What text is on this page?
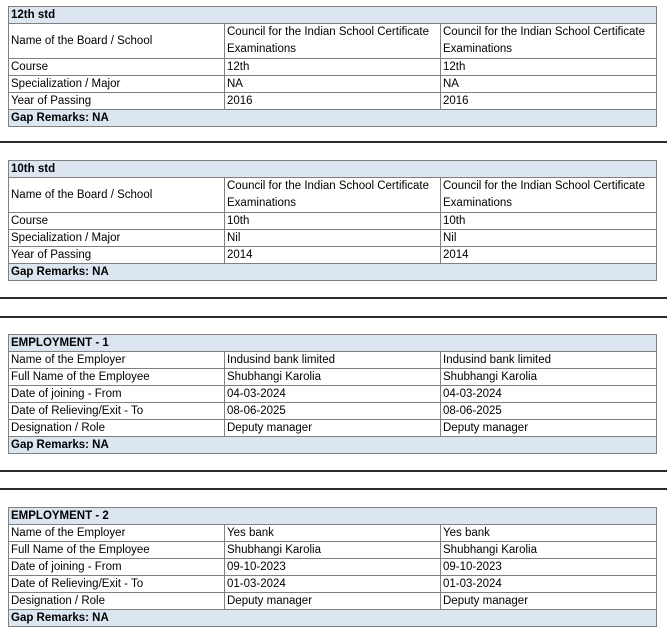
12th std		
Name of the Board / School	Council for the Indian School Certificate Examinations	Council for the Indian School Certificate Examinations
Course	12th	12th
Specialization / Major	NA	NA
Year of Passing	2016	2016
Gap Remarks: NA		
10th std		
Name of the Board / School	Council for the Indian School Certificate Examinations	Council for the Indian School Certificate Examinations
Course	10th	10th
Specialization / Major	Nil	Nil
Year of Passing	2014	2014
Gap Remarks: NA		
EMPLOYMENT - 1		
Name of the Employer	Indusind bank limited	Indusind bank limited
Full Name of the Employee	Shubhangi Karolia	Shubhangi Karolia
Date of joining - From	04-03-2024	04-03-2024
Date of Relieving/Exit - To	08-06-2025	08-06-2025
Designation / Role	Deputy manager	Deputy manager
Gap Remarks: NA		
EMPLOYMENT - 2		
Name of the Employer	Yes bank	Yes bank
Full Name of the Employee	Shubhangi Karolia	Shubhangi Karolia
Date of joining - From	09-10-2023	09-10-2023
Date of Relieving/Exit - To	01-03-2024	01-03-2024
Designation / Role	Deputy manager	Deputy manager
Gap Remarks: NA		
